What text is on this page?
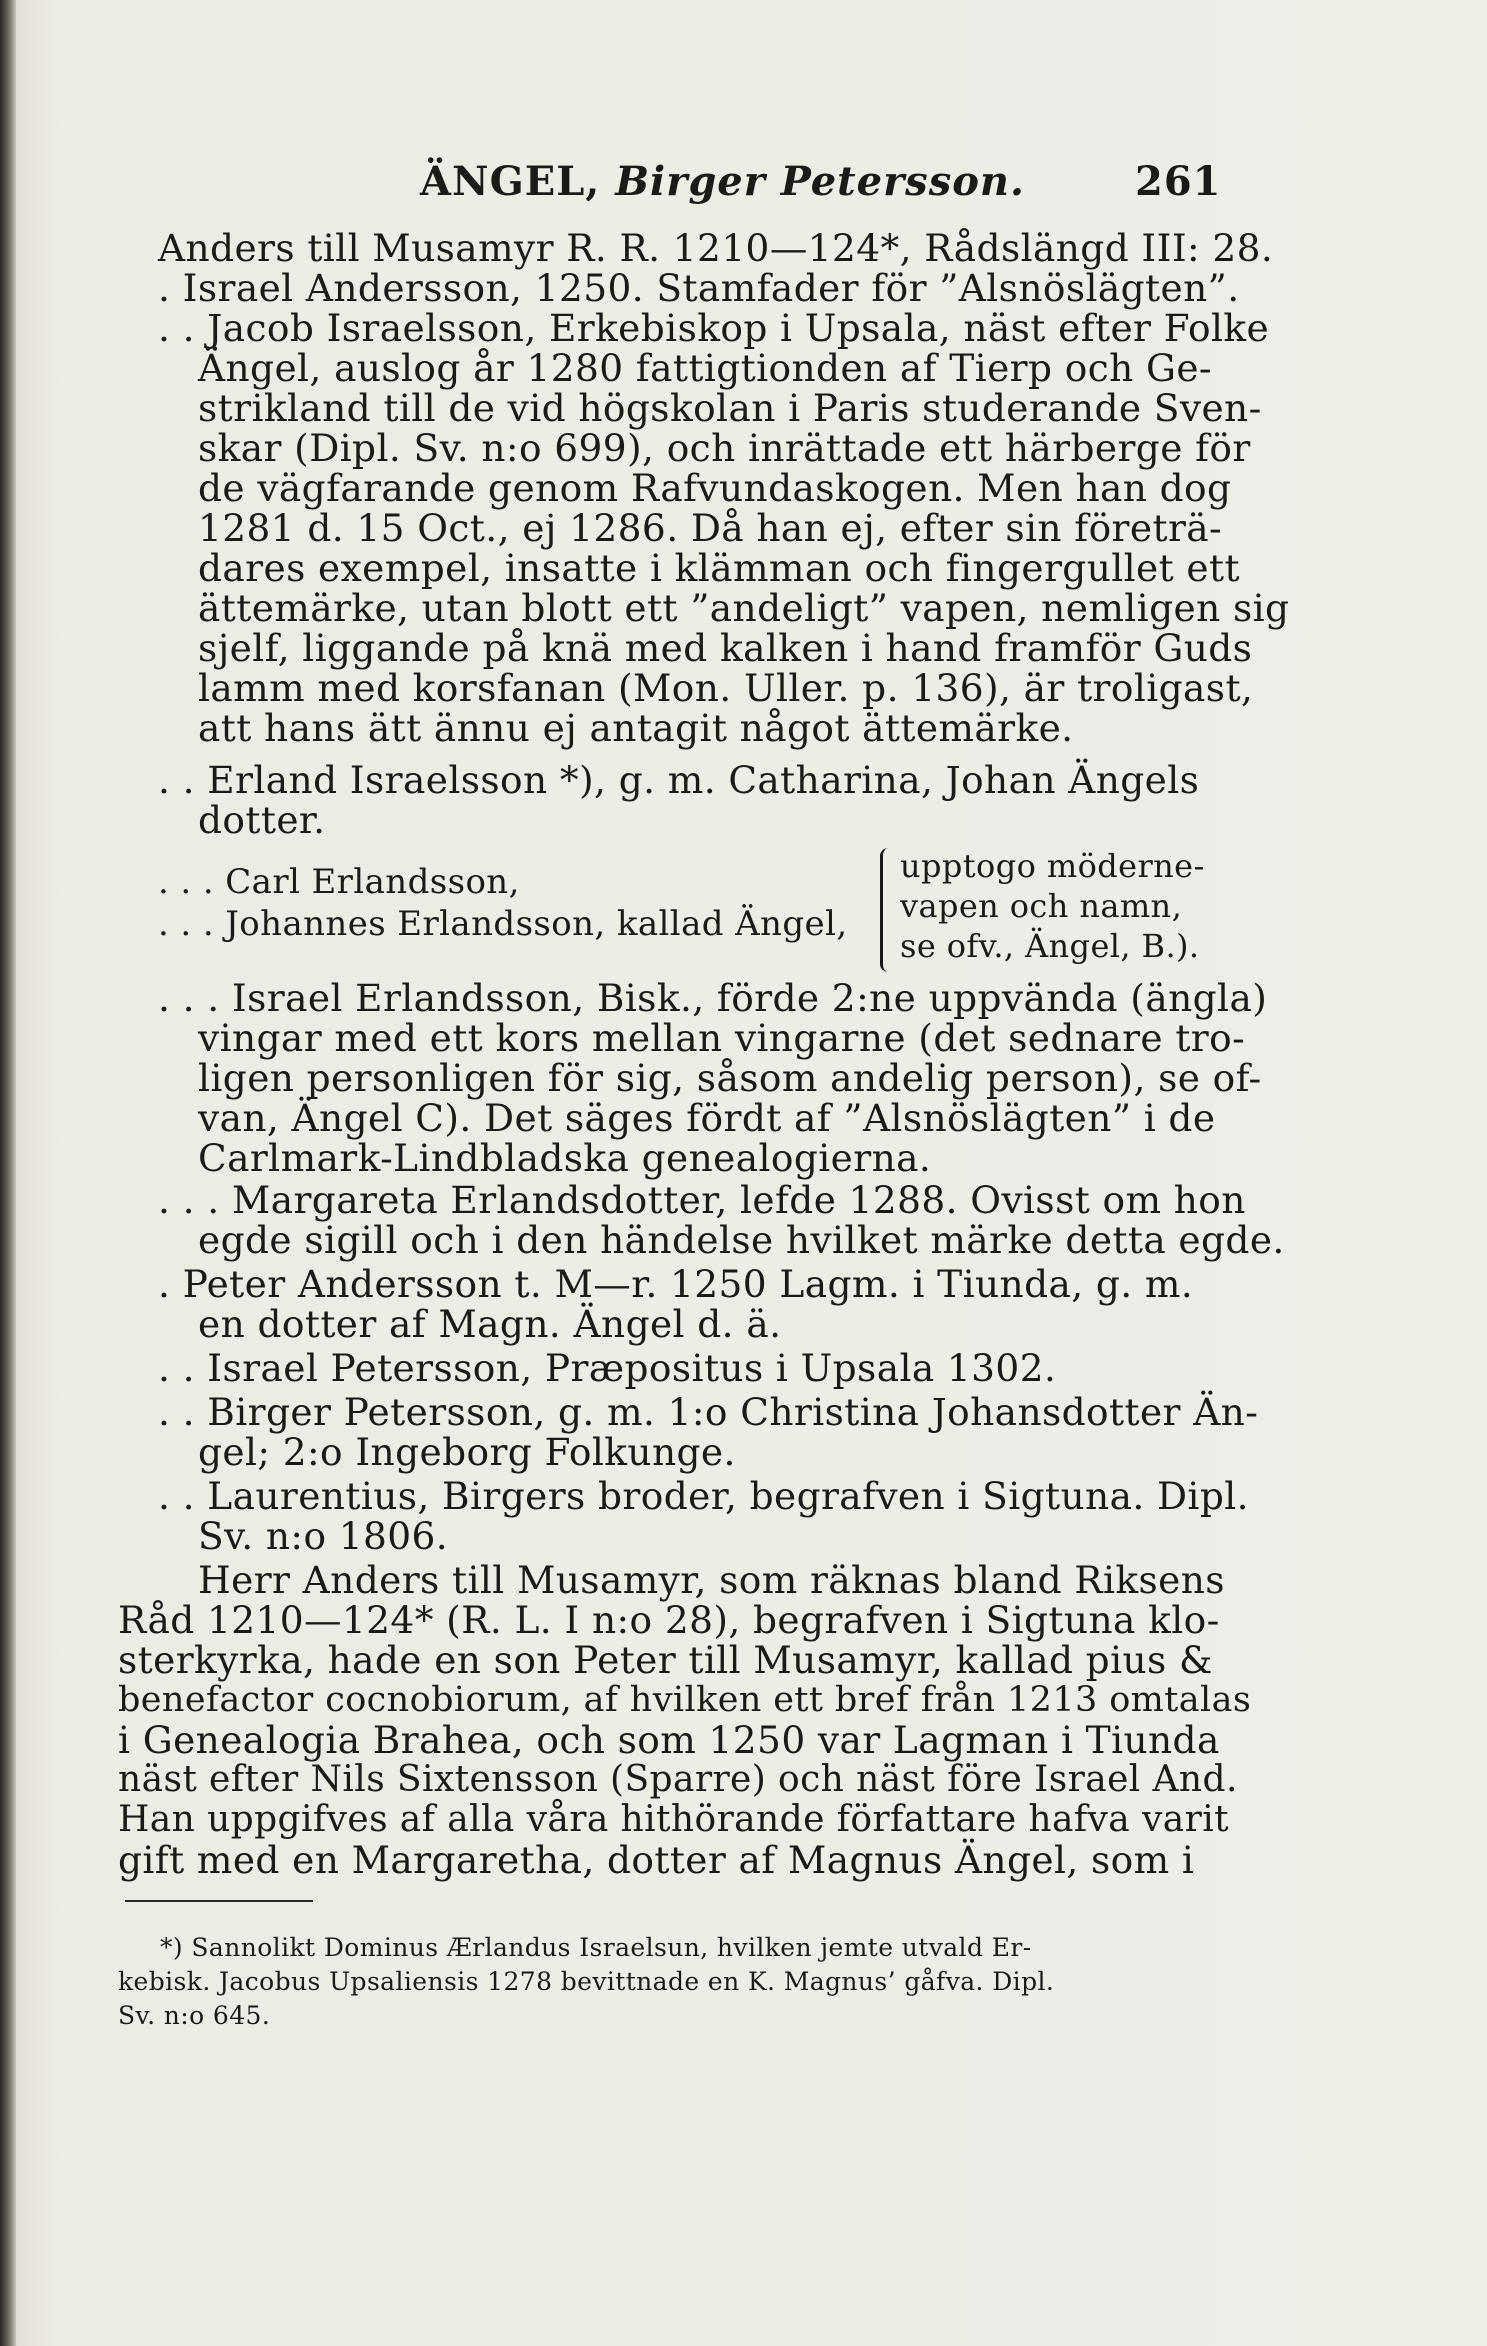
ÄNGEL, Birger Petersson.	261
Anders till Musamyr R. R. 1210—124*, Rådslängd III: 28.
. Israel Andersson, 1250. Stamfader för ”Alsnöslägten”.
. . Jacob Israelsson, Erkebiskop i Upsala, näst efter Folke
Ängel, auslog år 1280 fattigtionden af Tierp och Ge-
strikland till de vid högskolan i Paris studerande Sven-
skar (Dipl. Sv. n:o 699), och inrättade ett härberge för
de vägfarande genom Rafvundaskogen. Men han dog
1281 d. 15 Oct., ej 1286. Då han ej, efter sin företrä-
dares exempel, insatte i klämman och fingergullet ett
ättemärke, utan blott ett ”andeligt” vapen, nemligen sig
sjelf, liggande på knä med kalken i hand framför Guds
lamm med korsfanan (Mon. Uller. p. 136), är troligast,
att hans ätt ännu ej antagit något ättemärke.
. . Erland Israelsson *), g. m. Catharina, Johan Ängels
dotter.
. . . Carl Erlandsson,
. . . Johannes Erlandsson, kallad Ängel,
upptogo möderne-
vapen och namn,
se ofv., Ängel, B.).
. . . Israel Erlandsson, Bisk., förde 2:ne uppvända (ängla)
vingar med ett kors mellan vingarne (det sednare tro-
ligen personligen för sig, såsom andelig person), se of-
van, Ängel C). Det säges fördt af ”Alsnöslägten” i de
Carlmark-Lindbladska genealogierna.
. . . Margareta Erlandsdotter, lefde 1288. Ovisst om hon
egde sigill och i den händelse hvilket märke detta egde.
. Peter Andersson t. M—r. 1250 Lagm. i Tiunda, g. m.
en dotter af Magn. Ängel d. ä.
. . Israel Petersson, Præpositus i Upsala 1302.
. . Birger Petersson, g. m. 1:o Christina Johansdotter Än-
gel; 2:o Ingeborg Folkunge.
. . Laurentius, Birgers broder, begrafven i Sigtuna. Dipl.
Sv. n:o 1806.
Herr Anders till Musamyr, som räknas bland Riksens
Råd 1210—124* (R. L. I n:o 28), begrafven i Sigtuna klo-
sterkyrka, hade en son Peter till Musamyr, kallad pius &
benefactor cocnobiorum, af hvilken ett bref från 1213 omtalas
i Genealogia Brahea, och som 1250 var Lagman i Tiunda
näst efter Nils Sixtensson (Sparre) och näst före Israel And.
Han uppgifves af alla våra hithörande författare hafva varit
gift med en Margaretha, dotter af Magnus Ängel, som i
*) Sannolikt Dominus Ærlandus Israelsun, hvilken jemte utvald Er-
kebisk. Jacobus Upsaliensis 1278 bevittnade en K. Magnus’ gåfva. Dipl.
Sv. n:o 645.
